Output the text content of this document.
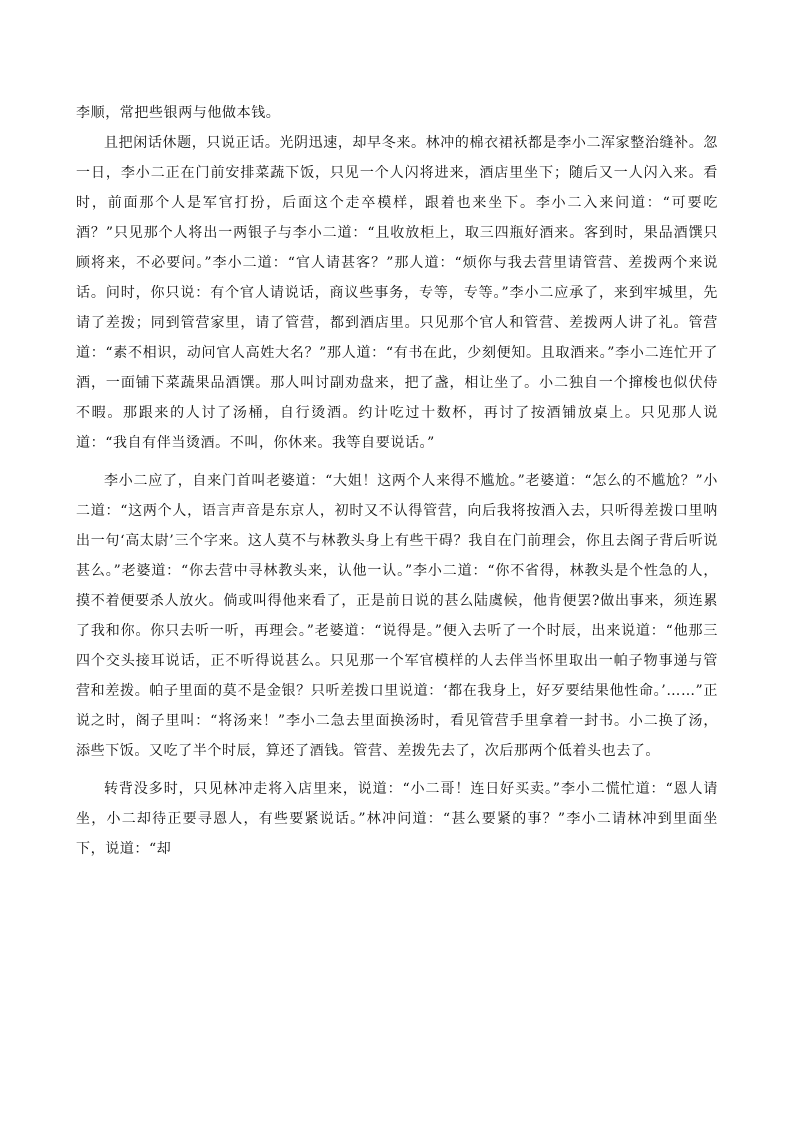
李顺，常把些银两与他做本钱。

且把闲话休题，只说正话。光阴迅速，却早冬来。林冲的棉衣裙袄都是李小二浑家整治缝补。忽一日，李小二正在门前安排菜蔬下饭，只见一个人闪将进来，酒店里坐下；随后又一人闪入来。看时，前面那个人是军官打扮，后面这个走卒模样，跟着也来坐下。李小二入来问道：“可要吃酒？”只见那个人将出一两银子与李小二道：“且收放柜上，取三四瓶好酒来。客到时，果品酒馔只顾将来，不必要问。”李小二道：“官人请甚客？”那人道：“烦你与我去营里请管营、差拨两个来说话。问时，你只说：有个官人请说话，商议些事务，专等，专等。”李小二应承了，来到牢城里，先请了差拨；同到管营家里，请了管营，都到酒店里。只见那个官人和管营、差拨两人讲了礼。管营道：“素不相识，动问官人高姓大名？”那人道：“有书在此，少刻便知。且取酒来。”李小二连忙开了酒，一面铺下菜蔬果品酒馔。那人叫讨副劝盘来，把了盏，相让坐了。小二独自一个撺梭也似伏侍不暇。那跟来的人讨了汤桶，自行烫酒。约计吃过十数杯，再讨了按酒铺放桌上。只见那人说道：“我自有伴当烫酒。不叫，你休来。我等自要说话。”

李小二应了，自来门首叫老婆道：“大姐！这两个人来得不尴尬。”老婆道：“怎么的不尴尬？”小二道：“这两个人，语言声音是东京人，初时又不认得管营，向后我将按酒入去，只听得差拨口里呐出一句‘高太尉’三个字来。这人莫不与林教头身上有些干碍？我自在门前理会，你且去阁子背后听说甚么。”老婆道：“你去营中寻林教头来，认他一认。”李小二道：“你不省得，林教头是个性急的人，摸不着便要杀人放火。倘或叫得他来看了，正是前日说的甚么陆虞候，他肯便罢?做出事来，须连累了我和你。你只去听一听，再理会。”老婆道：“说得是。”便入去听了一个时辰，出来说道：“他那三四个交头接耳说话，正不听得说甚么。只见那一个军官模样的人去伴当怀里取出一帕子物事递与管营和差拨。帕子里面的莫不是金银？只听差拨口里说道：‘都在我身上，好歹要结果他性命。’……”正说之时，阁子里叫：“将汤来！”李小二急去里面换汤时，看见管营手里拿着一封书。小二换了汤，添些下饭。又吃了半个时辰，算还了酒钱。管营、差拨先去了，次后那两个低着头也去了。

转背没多时，只见林冲走将入店里来，说道：“小二哥！连日好买卖。”李小二慌忙道：“恩人请坐，小二却待正要寻恩人，有些要紧说话。”林冲问道：“甚么要紧的事？”李小二请林冲到里面坐下，说道：“却
